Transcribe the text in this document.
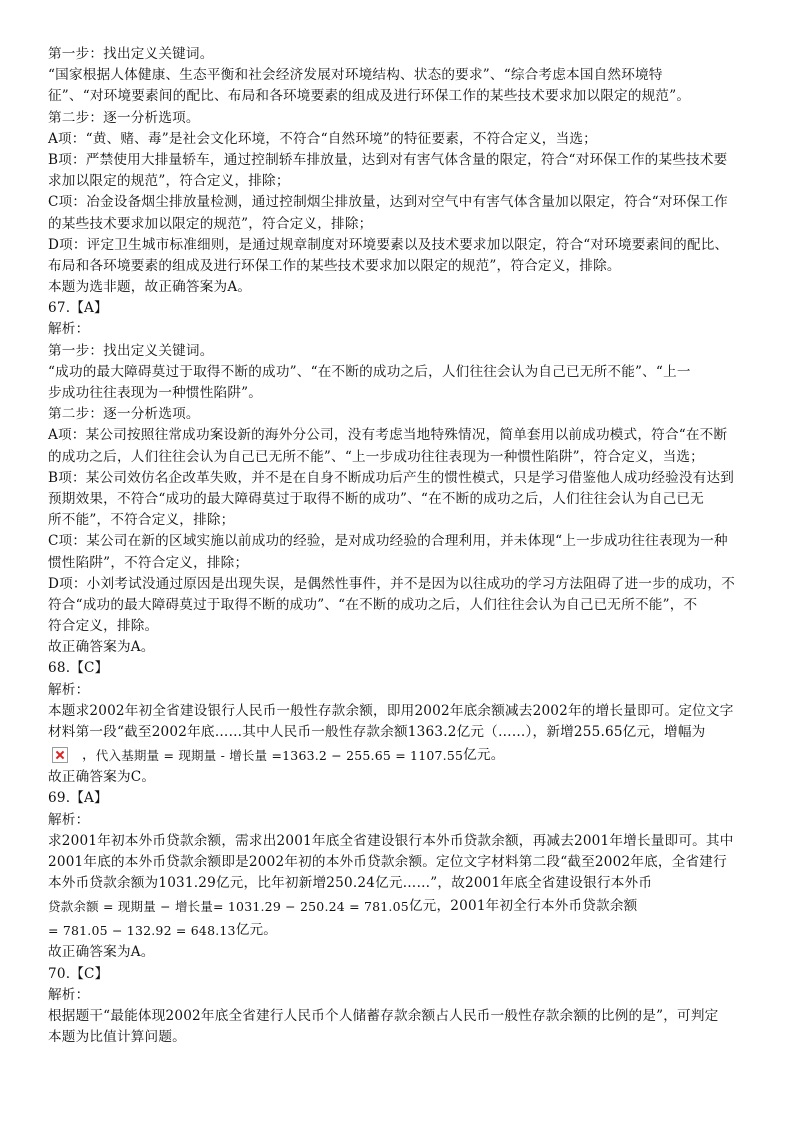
第一步：找出定义关键词。
“国家根据人体健康、生态平衡和社会经济发展对环境结构、状态的要求”、“综合考虑本国自然环境特
征”、“对环境要素间的配比、布局和各环境要素的组成及进行环保工作的某些技术要求加以限定的规范”。
第二步：逐一分析选项。
A项：“黄、赌、毒”是社会文化环境，不符合“自然环境”的特征要素，不符合定义，当选；
B项：严禁使用大排量轿车，通过控制轿车排放量，达到对有害气体含量的限定，符合“对环保工作的某些技术要
求加以限定的规范”，符合定义，排除；
C项：冶金设备烟尘排放量检测，通过控制烟尘排放量，达到对空气中有害气体含量加以限定，符合“对环保工作
的某些技术要求加以限定的规范”，符合定义，排除；
D项：评定卫生城市标准细则，是通过规章制度对环境要素以及技术要求加以限定，符合“对环境要素间的配比、
布局和各环境要素的组成及进行环保工作的某些技术要求加以限定的规范”，符合定义，排除。
本题为选非题，故正确答案为A。
67.【A】
解析：
第一步：找出定义关键词。
“成功的最大障碍莫过于取得不断的成功”、“在不断的成功之后，人们往往会认为自己已无所不能”、“上一
步成功往往表现为一种惯性陷阱”。
第二步：逐一分析选项。
A项：某公司按照往常成功案设新的海外分公司，没有考虑当地特殊情况，简单套用以前成功模式，符合“在不断
的成功之后，人们往往会认为自己已无所不能”、“上一步成功往往表现为一种惯性陷阱”，符合定义，当选；
B项：某公司效仿名企改革失败，并不是在自身不断成功后产生的惯性模式，只是学习借鉴他人成功经验没有达到
预期效果，不符合“成功的最大障碍莫过于取得不断的成功”、“在不断的成功之后，人们往往会认为自己已无
所不能”，不符合定义，排除；
C项：某公司在新的区域实施以前成功的经验，是对成功经验的合理利用，并未体现“上一步成功往往表现为一种
惯性陷阱”，不符合定义，排除；
D项：小刘考试没通过原因是出现失误，是偶然性事件，并不是因为以往成功的学习方法阻碍了进一步的成功，不
符合“成功的最大障碍莫过于取得不断的成功”、“在不断的成功之后，人们往往会认为自己已无所不能”，不
符合定义，排除。
故正确答案为A。
68.【C】
解析：
本题求2002年初全省建设银行人民币一般性存款余额，即用2002年底余额减去2002年的增长量即可。定位文字
材料第一段“截至2002年底……其中人民币一般性存款余额1363.2亿元（……），新增255.65亿元，增幅为
， 代入基期量 = 现期量 - 增长量 =1363.2 − 255.65 = 1107.55 亿元。
故正确答案为C。
69.【A】
解析：
求2001年初本外币贷款余额，需求出2001年底全省建设银行本外币贷款余额，再减去2001年增长量即可。其中
2001年底的本外币贷款余额即是2002年初的本外币贷款余额。定位文字材料第二段“截至2002年底，全省建行
本外币贷款余额为1031.29亿元，比年初新增250.24亿元……”，故2001年底全省建设银行本外币
贷款余额 = 现期量 − 增长量= 1031.29 − 250.24 = 781.05 亿元，2001年初全行本外币贷款余额
= 781.05 − 132.92 = 648.13 亿元。
故正确答案为A。
70.【C】
解析：
根据题干“最能体现2002年底全省建行人民币个人储蓄存款余额占人民币一般性存款余额的比例的是”，可判定
本题为比值计算问题。
